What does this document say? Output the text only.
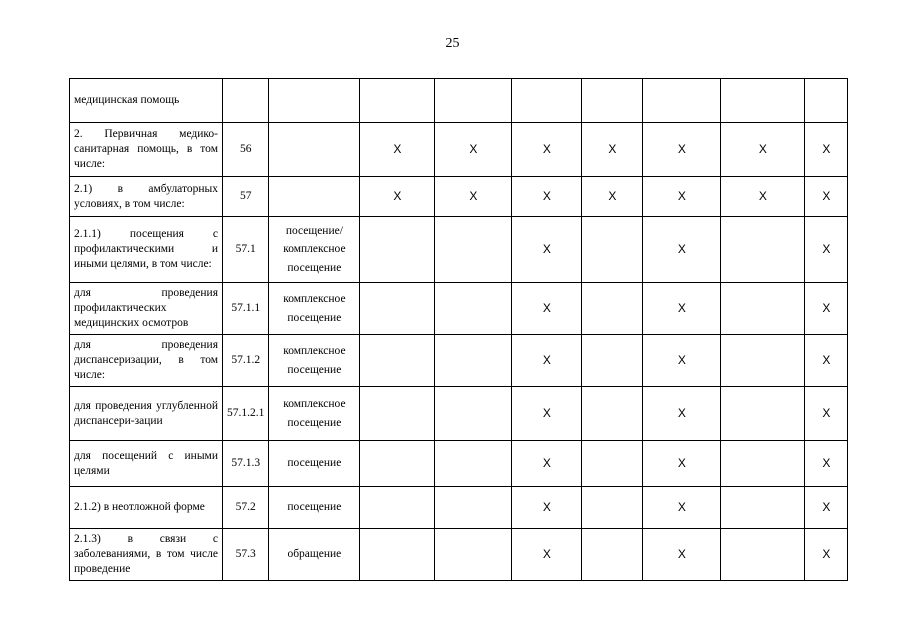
25
медицинская помощь									

2. Первичная медико-санитарная помощь, в том числе:	56		Х	Х	Х	Х	Х	Х	Х

2.1) в амбулаторных условиях, в том числе:	57		Х	Х	Х	Х	Х	Х	Х

2.1.1) посещения с профилактическими и иными целями, в том числе:	57.1	посещение/ комплексное посещение			Х		Х		Х

для проведения профилактических медицинских осмотров	57.1.1	комплексное посещение			Х		Х		Х

для проведения диспансеризации, в том числе:	57.1.2	комплексное посещение			Х		Х		Х

для проведения углубленной диспансери-зации	57.1.2.1	комплексное посещение			Х		Х		Х

для посещений с иными целями	57.1.3	посещение			Х		Х		Х

2.1.2) в неотложной форме	57.2	посещение			Х		Х		Х

2.1.3) в связи с заболеваниями, в том числе проведение	57.3	обращение			Х		Х		Х
